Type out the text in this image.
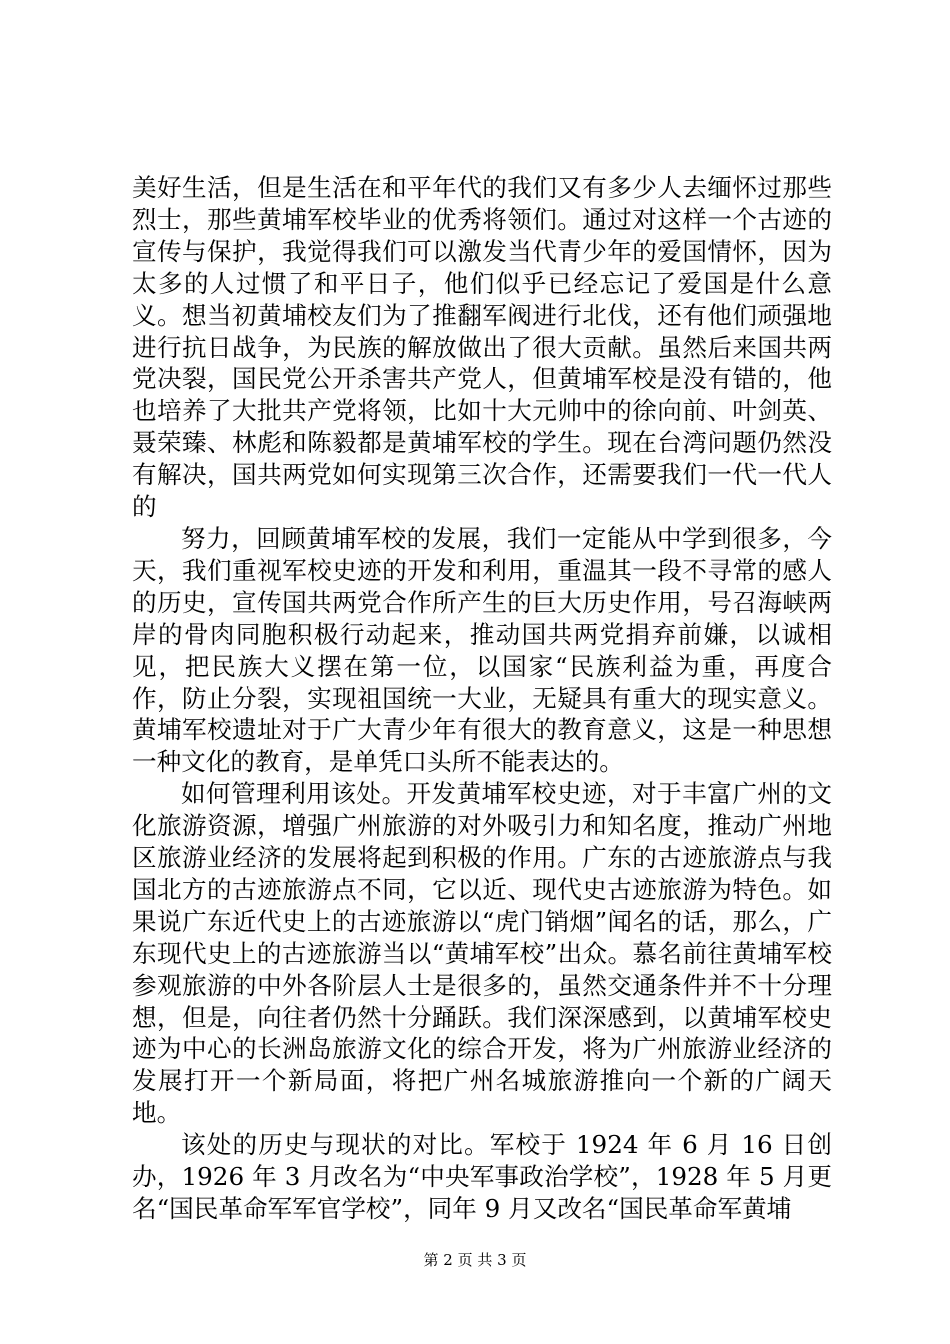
美好生活，但是生活在和平年代的我们又有多少人去缅怀过那些烈士，那些黄埔军校毕业的优秀将领们。通过对这样一个古迹的宣传与保护，我觉得我们可以激发当代青少年的爱国情怀，因为太多的人过惯了和平日子，他们似乎已经忘记了爱国是什么意义。想当初黄埔校友们为了推翻军阀进行北伐，还有他们顽强地进行抗日战争，为民族的解放做出了很大贡献。虽然后来国共两党决裂，国民党公开杀害共产党人，但黄埔军校是没有错的，他也培养了大批共产党将领，比如十大元帅中的徐向前、叶剑英、聂荣臻、林彪和陈毅都是黄埔军校的学生。现在台湾问题仍然没有解决，国共两党如何实现第三次合作，还需要我们一代一代人的

努力，回顾黄埔军校的发展，我们一定能从中学到很多，今天，我们重视军校史迹的开发和利用，重温其一段不寻常的感人的历史，宣传国共两党合作所产生的巨大历史作用，号召海峡两岸的骨肉同胞积极行动起来，推动国共两党捐弃前嫌，以诚相见，把民族大义摆在第一位，以国家“民族利益为重，再度合作，防止分裂，实现祖国统一大业，无疑具有重大的现实意义。黄埔军校遗址对于广大青少年有很大的教育意义，这是一种思想一种文化的教育，是单凭口头所不能表达的。

如何管理利用该处。开发黄埔军校史迹，对于丰富广州的文化旅游资源，增强广州旅游的对外吸引力和知名度，推动广州地区旅游业经济的发展将起到积极的作用。广东的古迹旅游点与我国北方的古迹旅游点不同，它以近、现代史古迹旅游为特色。如果说广东近代史上的古迹旅游以“虎门销烟”闻名的话，那么，广东现代史上的古迹旅游当以“黄埔军校”出众。慕名前往黄埔军校参观旅游的中外各阶层人士是很多的，虽然交通条件并不十分理想，但是，向往者仍然十分踊跃。我们深深感到，以黄埔军校史迹为中心的长洲岛旅游文化的综合开发，将为广州旅游业经济的发展打开一个新局面，将把广州名城旅游推向一个新的广阔天地。

该处的历史与现状的对比。军校于 1924 年 6 月 16 日创办，1926 年 3 月改名为“中央军事政治学校”，1928 年 5 月更名“国民革命军军官学校”，同年 9 月又改名“国民革命军黄埔

第 2 页 共 3 页
